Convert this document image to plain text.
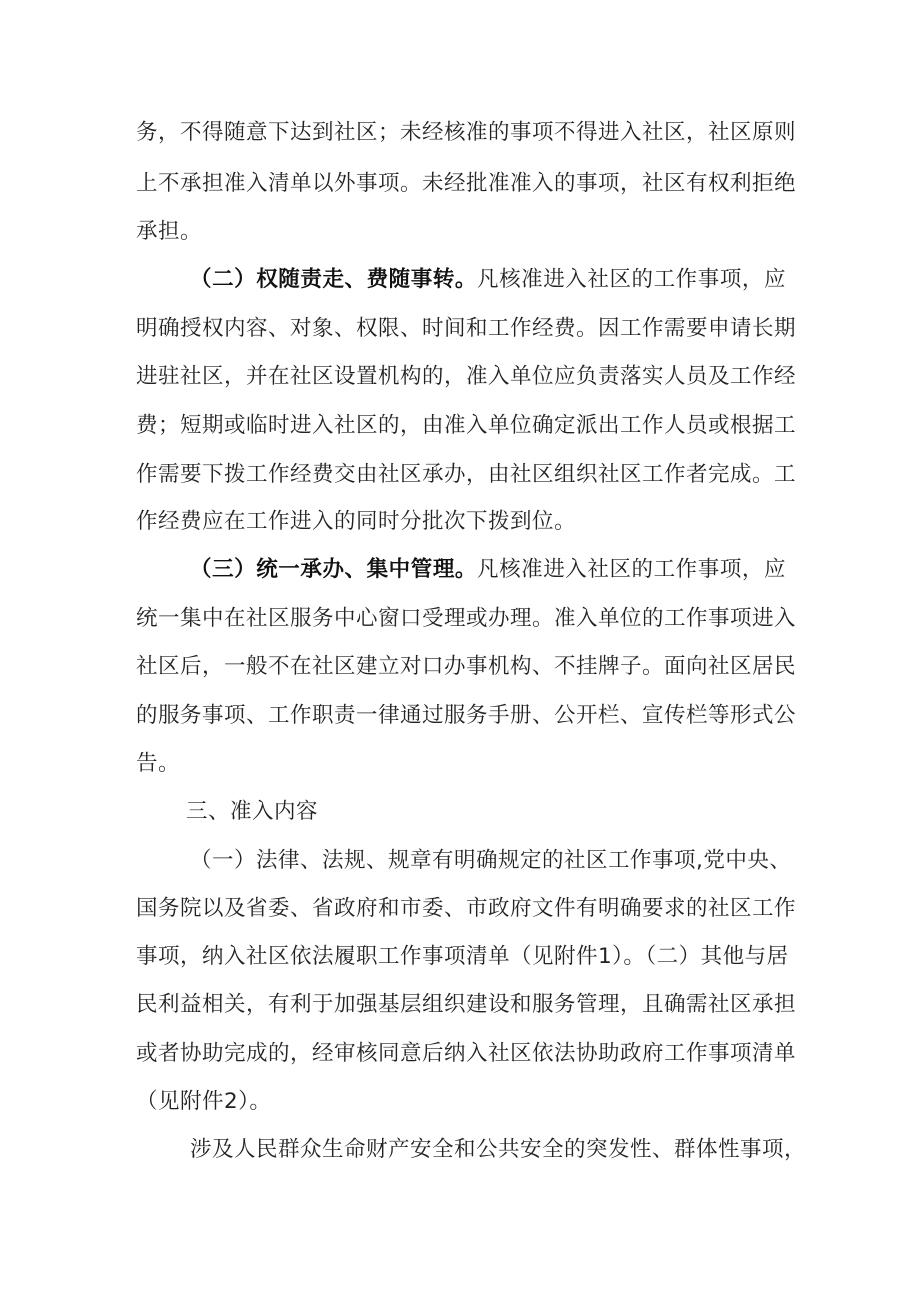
务，不得随意下达到社区；未经核准的事项不得进入社区，社区原则
上不承担准入清单以外事项。未经批准准入的事项，社区有权利拒绝
承担。
（二）权随责走、费随事转。凡核准进入社区的工作事项，应
明确授权内容、对象、权限、时间和工作经费。因工作需要申请长期
进驻社区，并在社区设置机构的，准入单位应负责落实人员及工作经
费；短期或临时进入社区的，由准入单位确定派出工作人员或根据工
作需要下拨工作经费交由社区承办，由社区组织社区工作者完成。工
作经费应在工作进入的同时分批次下拨到位。
（三）统一承办、集中管理。凡核准进入社区的工作事项，应
统一集中在社区服务中心窗口受理或办理。准入单位的工作事项进入
社区后，一般不在社区建立对口办事机构、不挂牌子。面向社区居民
的服务事项、工作职责一律通过服务手册、公开栏、宣传栏等形式公
告。
三、准入内容
（一）法律、法规、规章有明确规定的社区工作事项,党中央、
国务院以及省委、省政府和市委、市政府文件有明确要求的社区工作
事项，纳入社区依法履职工作事项清单（见附件1）。（二）其他与居
民利益相关，有利于加强基层组织建设和服务管理，且确需社区承担
或者协助完成的，经审核同意后纳入社区依法协助政府工作事项清单
（见附件2）。
涉及人民群众生命财产安全和公共安全的突发性、群体性事项，
